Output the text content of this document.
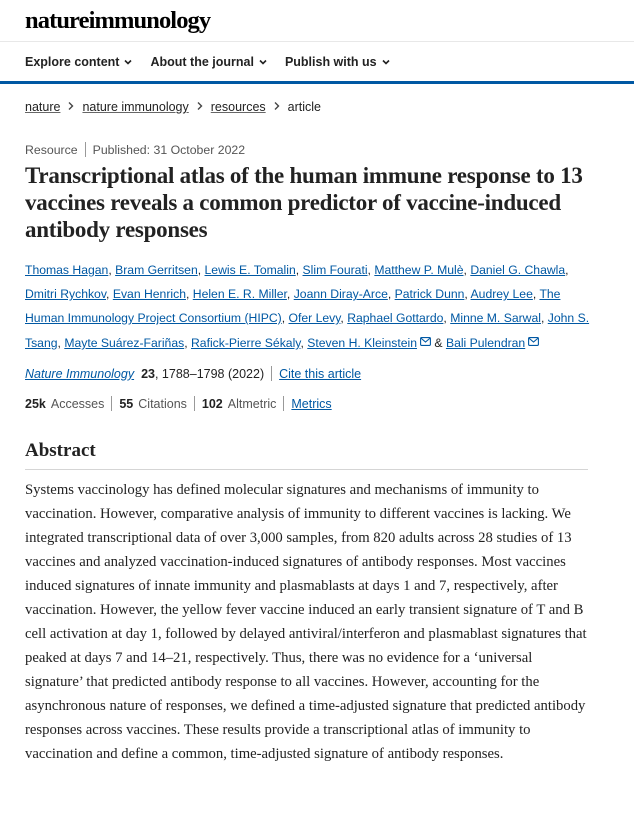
natureimmunology
Explore content About the journal Publish with us
nature nature immunology resources article
Resource Published: 31 October 2022
Transcriptional atlas of the human immune response to 13 vaccines reveals a common predictor of vaccine-induced antibody responses
Thomas Hagan, Bram Gerritsen, Lewis E. Tomalin, Slim Fourati, Matthew P. Mulè, Daniel G. Chawla, Dmitri Rychkov, Evan Henrich, Helen E. R. Miller, Joann Diray-Arce, Patrick Dunn, Audrey Lee, The Human Immunology Project Consortium (HIPC), Ofer Levy, Raphael Gottardo, Minne M. Sarwal, John S. Tsang, Mayte Suárez-Fariñas, Rafick-Pierre Sékaly, Steven H. Kleinstein & Bali Pulendran
Nature Immunology 23 , 1788–1798 (2022) Cite this article
25k Accesses 55 Citations 102 Altmetric Metrics
Abstract

Systems vaccinology has defined molecular signatures and mechanisms of immunity to vaccination. However, comparative analysis of immunity to different vaccines is lacking. We integrated transcriptional data of over 3,000 samples, from 820 adults across 28 studies of 13 vaccines and analyzed vaccination-induced signatures of antibody responses. Most vaccines induced signatures of innate immunity and plasmablasts at days 1 and 7, respectively, after vaccination. However, the yellow fever vaccine induced an early transient signature of T and B cell activation at day 1, followed by delayed antiviral/interferon and plasmablast signatures that peaked at days 7 and 14–21, respectively. Thus, there was no evidence for a ‘universal signature’ that predicted antibody response to all vaccines. However, accounting for the asynchronous nature of responses, we defined a time-adjusted signature that predicted antibody responses across vaccines. These results provide a transcriptional atlas of immunity to vaccination and define a common, time-adjusted signature of antibody responses.
